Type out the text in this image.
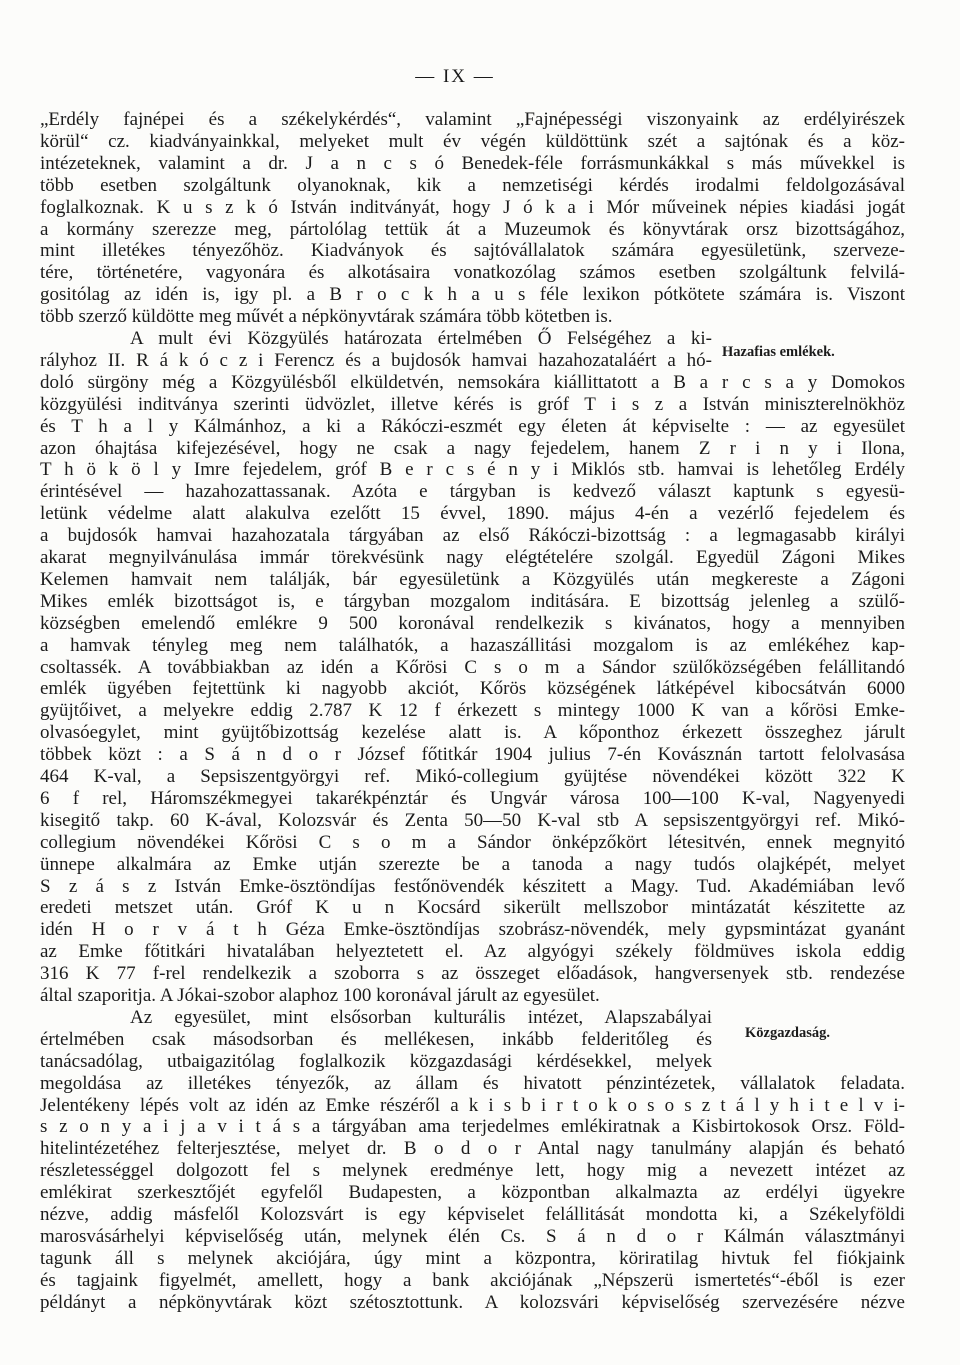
— IX —
„Erdély fajnépei és a székelykérdés“, valamint „Fajnépességi viszonyaink az erdélyirészek
körül“ cz. kiadványainkkal, melyeket mult év végén küldöttünk szét a sajtónak és a köz-
intézeteknek, valamint a dr. J a n c s ó Benedek-féle forrásmunkákkal s más művekkel is
több esetben szolgáltunk olyanoknak, kik a nemzetiségi kérdés irodalmi feldolgozásával
foglalkoznak. K u s z k ó István inditványát, hogy J ó k a i Mór műveinek népies kiadási jogát
a kormány szerezze meg, pártolólag tettük át a Muzeumok és könyvtárak orsz bizottságához,
mint illetékes tényezőhöz. Kiadványok és sajtóvállalatok számára egyesületünk, szerveze-
tére, történetére, vagyonára és alkotásaira vonatkozólag számos esetben szolgáltunk felvilá-
gositólag az idén is, igy pl. a B r o c k h a u s féle lexikon pótkötete számára is. Viszont
több szerző küldötte meg művét a népkönyvtárak számára több kötetben is.
A mult évi Közgyülés határozata értelmében Ő Felségéhez a ki-
rályhoz II. R á k ó c z i Ferencz és a bujdosók hamvai hazahozataláért a hó-
doló sürgöny még a Közgyülésből elküldetvén, nemsokára kiállittatott a B a r c s a y Domokos
közgyülési inditványa szerinti üdvözlet, illetve kérés is gróf T i s z a István miniszterelnökhöz
és T h a l y Kálmánhoz, a ki a Rákóczi-eszmét egy életen át képviselte : — az egyesület
azon óhajtása kifejezésével, hogy ne csak a nagy fejedelem, hanem Z r i n y i Ilona,
T h ö k ö l y Imre fejedelem, gróf B e r c s é n y i Miklós stb. hamvai is lehetőleg Erdély
érintésével — hazahozattassanak. Azóta e tárgyban is kedvező választ kaptunk s egyesü-
letünk védelme alatt alakulva ezelőtt 15 évvel, 1890. május 4-én a vezérlő fejedelem és
a bujdosók hamvai hazahozatala tárgyában az első Rákóczi-bizottság : a legmagasabb királyi
akarat megnyilvánulása immár törekvésünk nagy elégtételére szolgál. Egyedül Zágoni Mikes
Kelemen hamvait nem találják, bár egyesületünk a Közgyülés után megkereste a Zágoni
Mikes emlék bizottságot is, e tárgyban mozgalom inditására. E bizottság jelenleg a szülő-
községben emelendő emlékre 9 500 koronával rendelkezik s kivánatos, hogy a mennyiben
a hamvak tényleg meg nem találhatók, a hazaszállitási mozgalom is az emlékéhez kap-
csoltassék. A továbbiakban az idén a Kőrösi C s o m a Sándor szülőközségében felállitandó
emlék ügyében fejtettünk ki nagyobb akciót, Kőrös községének látképével kibocsátván 6000
gyüjtőivet, a melyekre eddig 2.787 K 12 f érkezett s mintegy 1000 K van a kőrösi Emke-
olvasóegylet, mint gyüjtőbizottság kezelése alatt is. A kőponthoz érkezett összeghez járult
többek közt : a S á n d o r József főtitkár 1904 julius 7-én Kovásznán tartott felolvasása
464 K-val, a Sepsiszentgyörgyi ref. Mikó-collegium gyüjtése növendékei között 322 K
6 f rel, Háromszékmegyei takarékpénztár és Ungvár városa 100—100 K-val, Nagyenyedi
kisegitő takp. 60 K-ával, Kolozsvár és Zenta 50—50 K-val stb A sepsiszentgyörgyi ref. Mikó-
collegium növendékei Kőrösi C s o m a Sándor önképzőkört létesitvén, ennek megnyitó
ünnepe alkalmára az Emke utján szerezte be a tanoda a nagy tudós olajképét, melyet
S z á s z István Emke-ösztöndíjas festőnövendék készitett a Magy. Tud. Akadémiában levő
eredeti metszet után. Gróf K u n Kocsárd sikerült mellszobor mintázatát készitette az
idén H o r v á t h Géza Emke-ösztöndíjas szobrász-növendék, mely gypsmintázat gyanánt
az Emke főtitkári hivatalában helyeztetett el. Az algyógyi székely földmüves iskola eddig
316 K 77 f-rel rendelkezik a szoborra s az összeget előadások, hangversenyek stb. rendezése
által szaporitja. A Jókai-szobor alaphoz 100 koronával járult az egyesület.
Az egyesület, mint elsősorban kulturális intézet, Alapszabályai
értelmében csak másodsorban és mellékesen, inkább felderitőleg és
tanácsadólag, utbaigazitólag foglalkozik közgazdasági kérdésekkel, melyek
megoldása az illetékes tényezők, az állam és hivatott pénzintézetek, vállalatok feladata.
Jelentékeny lépés volt az idén az Emke részéről a k i s b i r t o k o s o s z t á l y h i t e l v i-
s z o n y a i j a v i t á s a tárgyában ama terjedelmes emlékiratnak a Kisbirtokosok Orsz. Föld-
hitelintézetéhez felterjesztése, melyet dr. B o d o r Antal nagy tanulmány alapján és beható
részletességgel dolgozott fel s melynek eredménye lett, hogy mig a nevezett intézet az
emlékirat szerkesztőjét egyfelől Budapesten, a központban alkalmazta az erdélyi ügyekre
nézve, addig másfelől Kolozsvárt is egy képviselet felállitását mondotta ki, a Székelyföldi
marosvásárhelyi képviselőség után, melynek élén Cs. S á n d o r Kálmán választmányi
tagunk áll s melynek akciójára, úgy mint a központra, köriratilag hivtuk fel fiókjaink
és tagjaink figyelmét, amellett, hogy a bank akciójának „Népszerü ismertetés“-éből is ezer
példányt a népkönyvtárak közt szétosztottunk. A kolozsvári képviselőség szervezésére nézve
Hazafias emlékek.
Közgazdaság.
